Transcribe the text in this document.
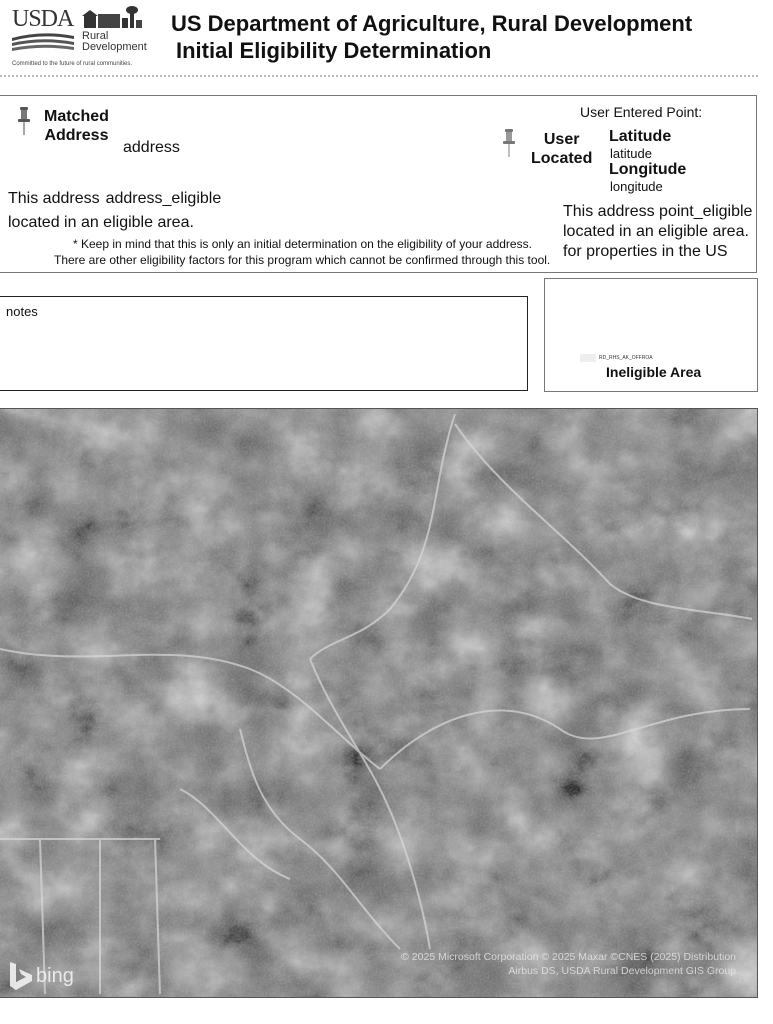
USDA
Rural
Development
Committed to the future of rural communities.
US Department of Agriculture, Rural Development
Initial Eligibility Determination
Matched
Address
address
This address address_eligible
located in an eligible area.
* Keep in mind that this is only an initial determination on the eligibility of your address.
There are other eligibility factors for this program which cannot be confirmed through this tool.
User Entered Point:
User
Located
Latitude
latitude
Longitude
longitude
This address point_eligible
located in an eligible area.
for properties in the US
notes
RD_RHS_AK_OFFROA
Ineligible Area
bing
© 2025 Microsoft Corporation © 2025 Maxar ©CNES (2025) Distribution
Airbus DS, USDA Rural Development GIS Group
